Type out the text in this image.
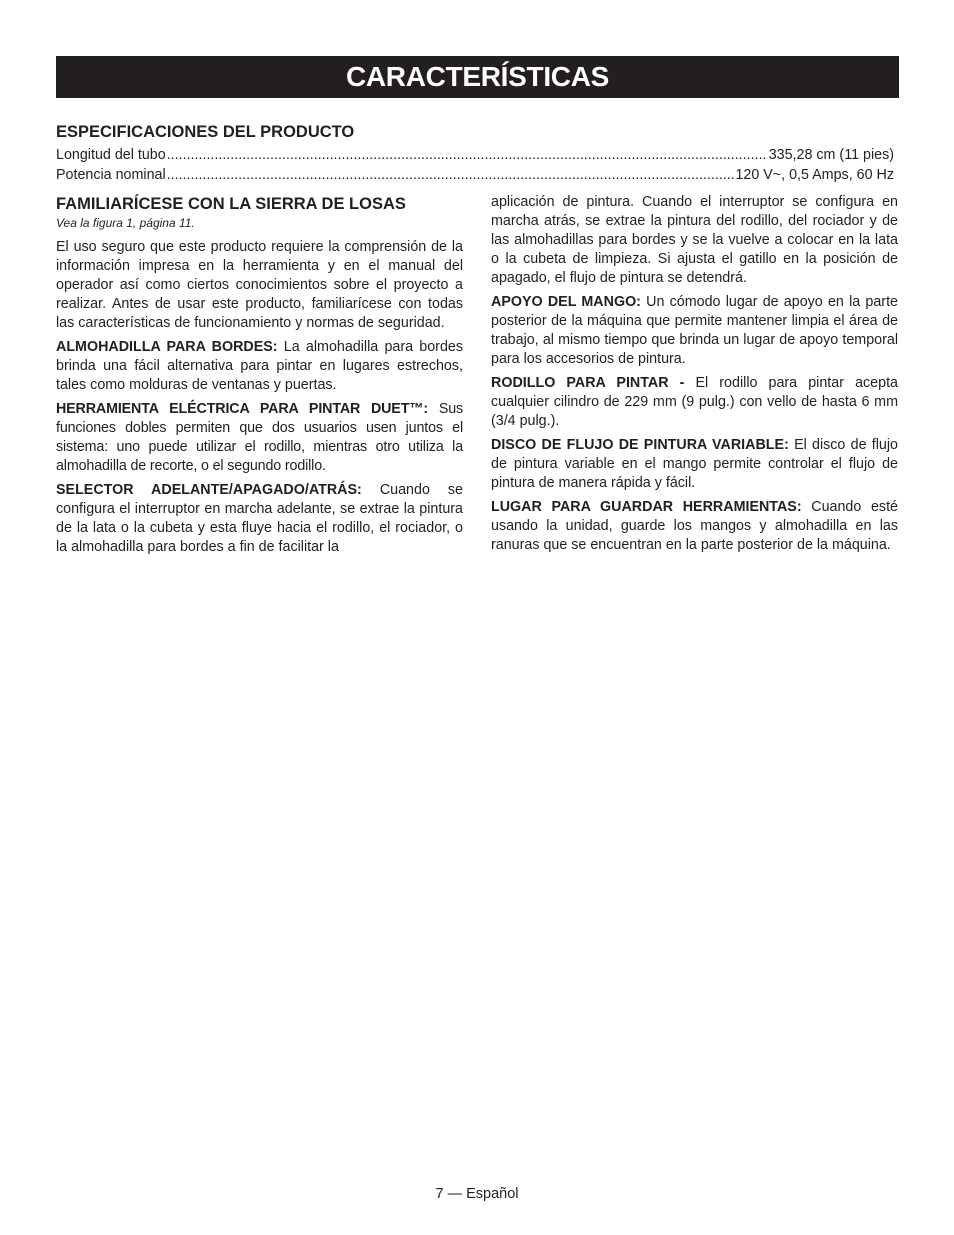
CARACTERÍSTICAS
ESPECIFICACIONES DEL PRODUCTO
Longitud del tubo .....	335,28 cm (11 pies)
Potencia nominal .....	120 V~, 0,5 Amps, 60 Hz
FAMILIARÍCESE CON LA SIERRA DE LOSAS

Vea la figura 1, página 11.

El uso seguro que este producto requiere la comprensión de la información impresa en la herramienta y en el manual del operador así como ciertos conocimientos sobre el proyecto a realizar. Antes de usar este producto, familiarícese con todas las características de funcionamiento y normas de seguridad.

ALMOHADILLA PARA BORDES: La almohadilla para bordes brinda una fácil alternativa para pintar en lugares estrechos, tales como molduras de ventanas y puertas.

HERRAMIENTA ELÉCTRICA PARA PINTAR DUET™: Sus funciones dobles permiten que dos usuarios usen juntos el sistema: uno puede utilizar el rodillo, mientras otro utiliza la almohadilla de recorte, o el segundo rodillo.

SELECTOR ADELANTE/APAGADO/ATRÁS: Cuando se configura el interruptor en marcha adelante, se extrae la pintura de la lata o la cubeta y esta fluye hacia el rodillo, el rociador, o la almohadilla para bordes a fin de facilitar la

aplicación de pintura. Cuando el interruptor se configura en marcha atrás, se extrae la pintura del rodillo, del rociador y de las almohadillas para bordes y se la vuelve a colocar en la lata o la cubeta de limpieza. Si ajusta el gatillo en la posición de apagado, el flujo de pintura se detendrá.

APOYO DEL MANGO: Un cómodo lugar de apoyo en la parte posterior de la máquina que permite mantener limpia el área de trabajo, al mismo tiempo que brinda un lugar de apoyo temporal para los accesorios de pintura.

RODILLO PARA PINTAR - El rodillo para pintar acepta cualquier cilindro de 229 mm (9 pulg.) con vello de hasta 6 mm (3/4 pulg.).

DISCO DE FLUJO DE PINTURA VARIABLE: El disco de flujo de pintura variable en el mango permite controlar el flujo de pintura de manera rápida y fácil.

LUGAR PARA GUARDAR HERRAMIENTAS: Cuando esté usando la unidad, guarde los mangos y almohadilla en las ranuras que se encuentran en la parte posterior de la máquina.

7 — Español
